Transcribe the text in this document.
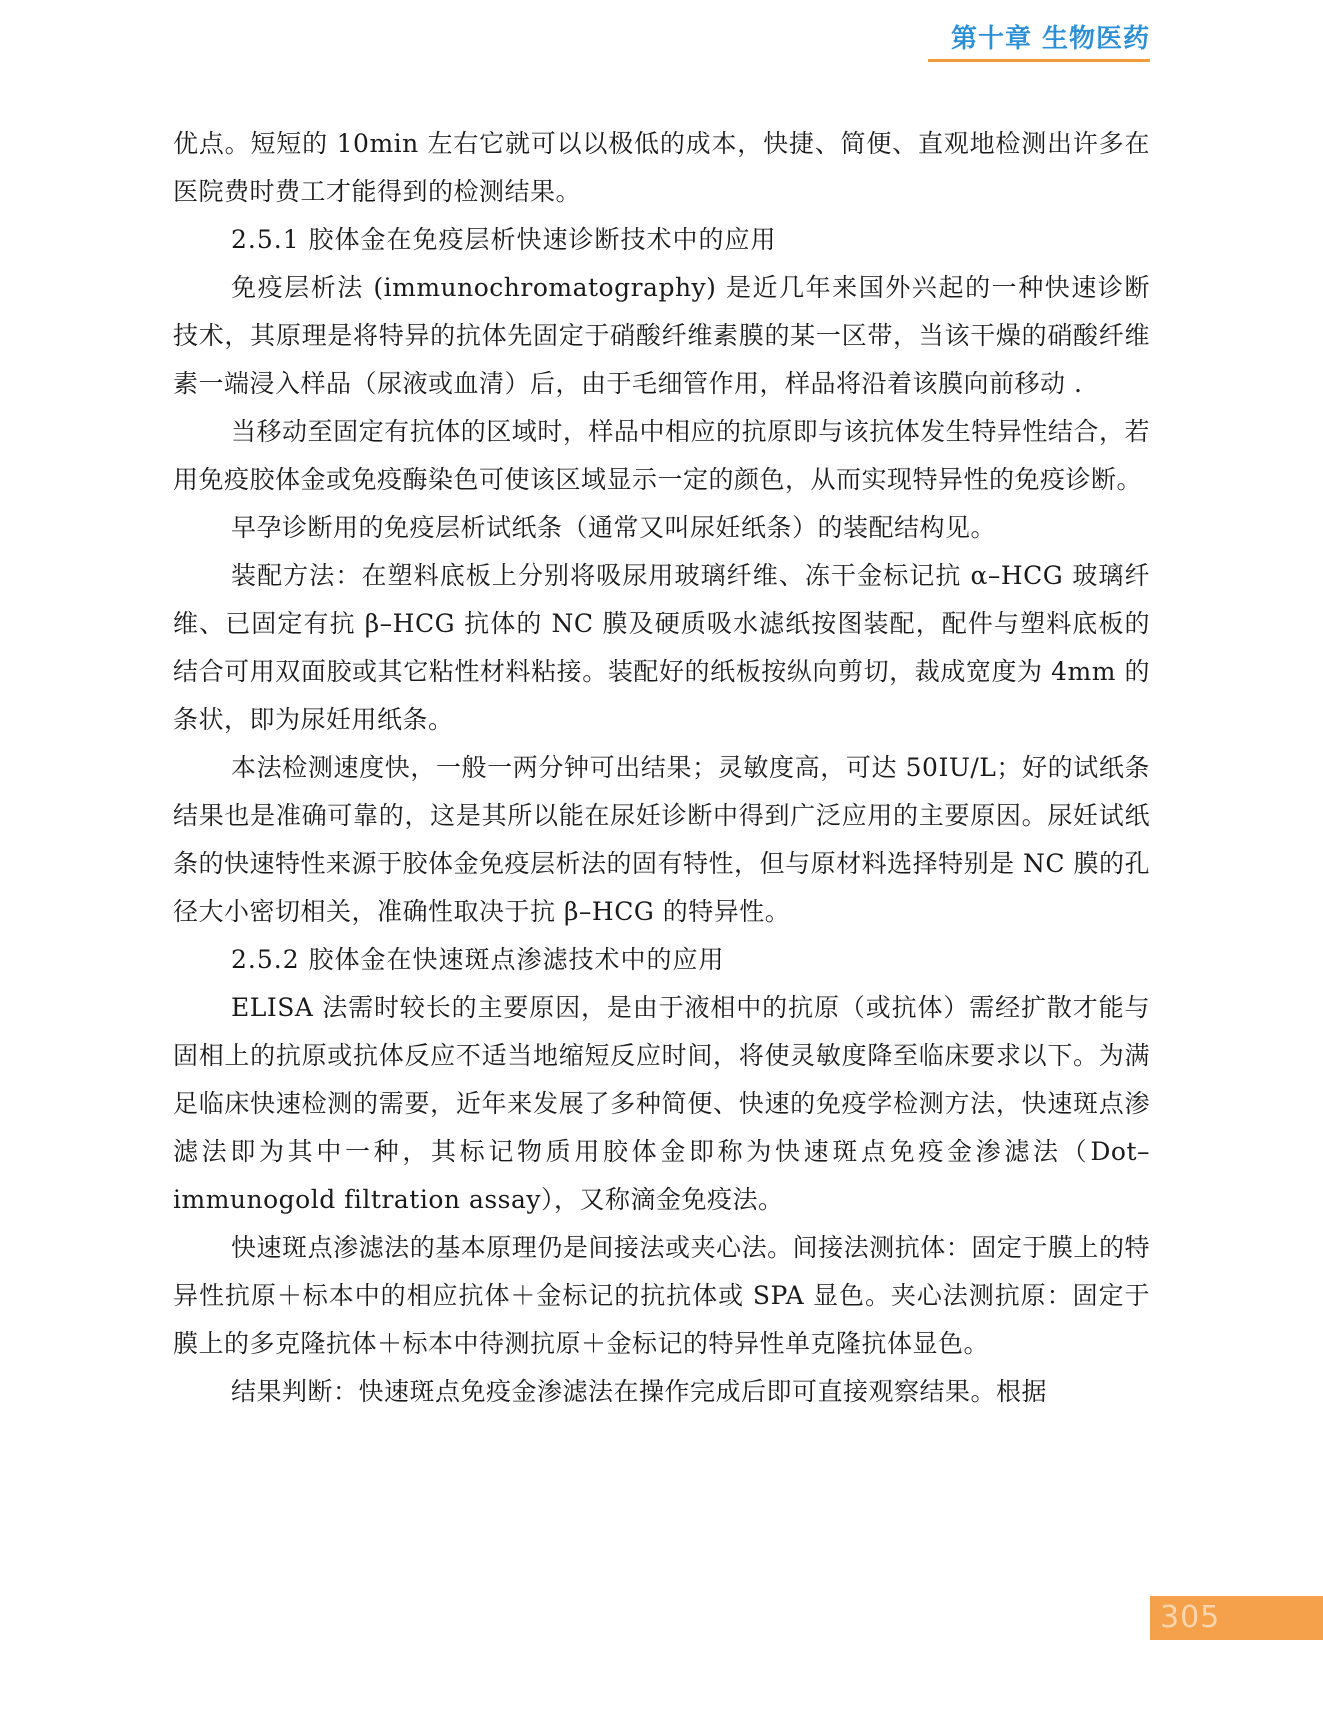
第十章 生物医药

优点。短短的 10min 左右它就可以以极低的成本，快捷、简便、直观地检测出许多在医院费时费工才能得到的检测结果。

2.5.1 胶体金在免疫层析快速诊断技术中的应用

免疫层析法 (immunochromatography) 是近几年来国外兴起的一种快速诊断技术，其原理是将特异的抗体先固定于硝酸纤维素膜的某一区带，当该干燥的硝酸纤维素一端浸入样品（尿液或血清）后，由于毛细管作用，样品将沿着该膜向前移动 .

当移动至固定有抗体的区域时，样品中相应的抗原即与该抗体发生特异性结合，若用免疫胶体金或免疫酶染色可使该区域显示一定的颜色，从而实现特异性的免疫诊断。

早孕诊断用的免疫层析试纸条（通常又叫尿妊纸条）的装配结构见。

装配方法：在塑料底板上分别将吸尿用玻璃纤维、冻干金标记抗 α–HCG 玻璃纤维、已固定有抗 β–HCG 抗体的 NC 膜及硬质吸水滤纸按图装配，配件与塑料底板的结合可用双面胶或其它粘性材料粘接。装配好的纸板按纵向剪切，裁成宽度为 4mm 的条状，即为尿妊用纸条。

本法检测速度快，一般一两分钟可出结果；灵敏度高，可达 50IU/L；好的试纸条结果也是准确可靠的，这是其所以能在尿妊诊断中得到广泛应用的主要原因。尿妊试纸条的快速特性来源于胶体金免疫层析法的固有特性，但与原材料选择特别是 NC 膜的孔径大小密切相关，准确性取决于抗 β–HCG 的特异性。

2.5.2 胶体金在快速斑点渗滤技术中的应用

ELISA 法需时较长的主要原因，是由于液相中的抗原（或抗体）需经扩散才能与固相上的抗原或抗体反应不适当地缩短反应时间，将使灵敏度降至临床要求以下。为满足临床快速检测的需要，近年来发展了多种简便、快速的免疫学检测方法，快速斑点渗滤法即为其中一种，其标记物质用胶体金即称为快速斑点免疫金渗滤法（Dot–immunogold filtration assay），又称滴金免疫法。

快速斑点渗滤法的基本原理仍是间接法或夹心法。间接法测抗体：固定于膜上的特异性抗原＋标本中的相应抗体＋金标记的抗抗体或 SPA 显色。夹心法测抗原：固定于膜上的多克隆抗体＋标本中待测抗原＋金标记的特异性单克隆抗体显色。

结果判断：快速斑点免疫金渗滤法在操作完成后即可直接观察结果。根据

305
